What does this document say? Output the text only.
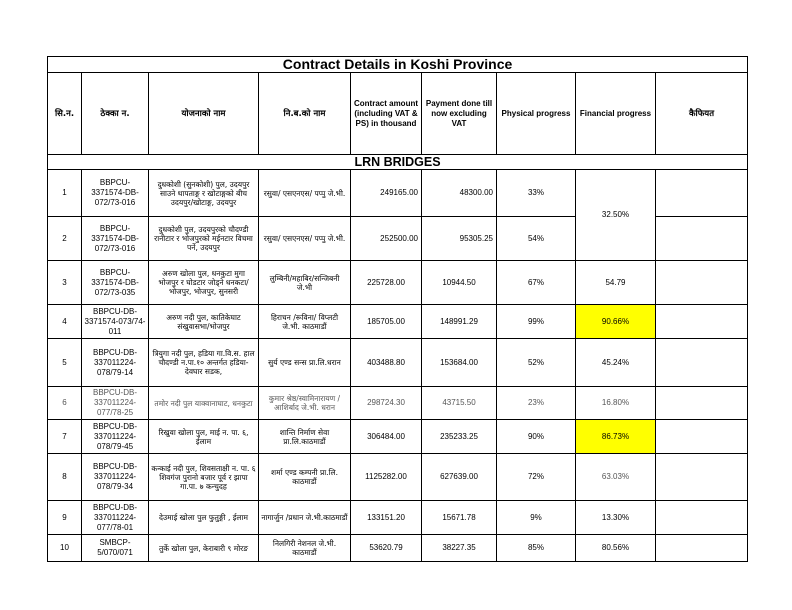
Contract Details in Koshi Province								
सि.न.	ठेक्का न.	योजनाको नाम	नि.ब.को नाम	Contract amount (including VAT & PS) in thousand	Payment done till now excluding VAT	Physical progress	Financial progress	कैफियत
LRN BRIDGES								
1	BBPCU-3371574-DB-072/73-016	दुधकोशी (सुनकोशी) पुल, उदयपुर साउने थापताङ्ग र खोटाङ्गको बीच उदयपुर/खोटाङ्ग, उदयपुर	रसुवा/ एसएनएस/ पप्पु जे.भी.	249165.00	48300.00	33%	32.50%	
2	BBPCU-3371574-DB-072/73-016	दुधकोशी पुल, उदयपुरको चौदण्डी रानीटार र भोजपुरको मईनटार विचमा पर्ने, उदयपुर	रसुवा/ एसएनएस/ पप्पु जे.भी.	252500.00	95305.25	54%		
3	BBPCU-3371574-DB-072/73-035	अरुण खोला पुल, धनकुटा मुगा भोजपुर र घोडटार जोड्ने धनकटा/भोजपुर, भोजपुर, सुनसरी	लुम्बिनी/महाबिर/सन्जिबनी जे.भी	225728.00	10944.50	67%	54.79	
4	BBPCU-DB-3371574-073/74-011	अरुण नदी पुल, कातिकेघाट संखुवासभा/भोजपुर	हिराचन /रूविना/ विप्लटी जे.भी. काठमाडौं	185705.00	148991.29	99%	90.66%	
5	BBPCU-DB-337011224-078/79-14	त्रियुगा नदी पुल, हडिया गा.वि.स. हाल चौदण्डी न.पा.१० अन्तर्गत हडिया-देवघार सडक,	सुर्य एण्ड सन्स प्रा.लि.धरान	403488.80	153684.00	52%	45.24%	
6	BBPCU-DB-337011224-077/78-25	तमोर नदी पुल याक्वानाघाट, धनकुटा	कुमार श्रेष्ठ/स्वामिनारायण /आशिर्बाद जे.भी. धरान	298724.30	43715.50	23%	16.80%	
7	BBPCU-DB-337011224-078/79-45	रिखुवा खोला पुल, माई न. पा. ६, ईलाम	शान्ति निर्माण सेवा प्रा.लि.काठमाडौं	306484.00	235233.25	90%	86.73%	
8	BBPCU-DB-337011224-078/79-34	कन्काई नदी पुल, शिवसताक्षी न. पा. ६ शिवगंज पुरानो बजार पूर्व र झापा गा.पा. ७ कन्चुदह	शर्मा एण्ड कम्पनी प्रा.लि. काठमाडौं	1125282.00	627639.00	72%	63.03%	
9	BBPCU-DB-337011224-077/78-01	देउमाई खोला पुल फुतुङ्गी , ईलाम	नागार्जुन /प्रधान जे.भी.काठमाडौं	133151.20	15671.78	9%	13.30%	
10	SMBCP-5/070/071	तुर्के खोला पुल, केराबारी ९ मोरङ	निलगिरी नेशनल जे.भी. काठमाडौं	53620.79	38227.35	85%	80.56%	
